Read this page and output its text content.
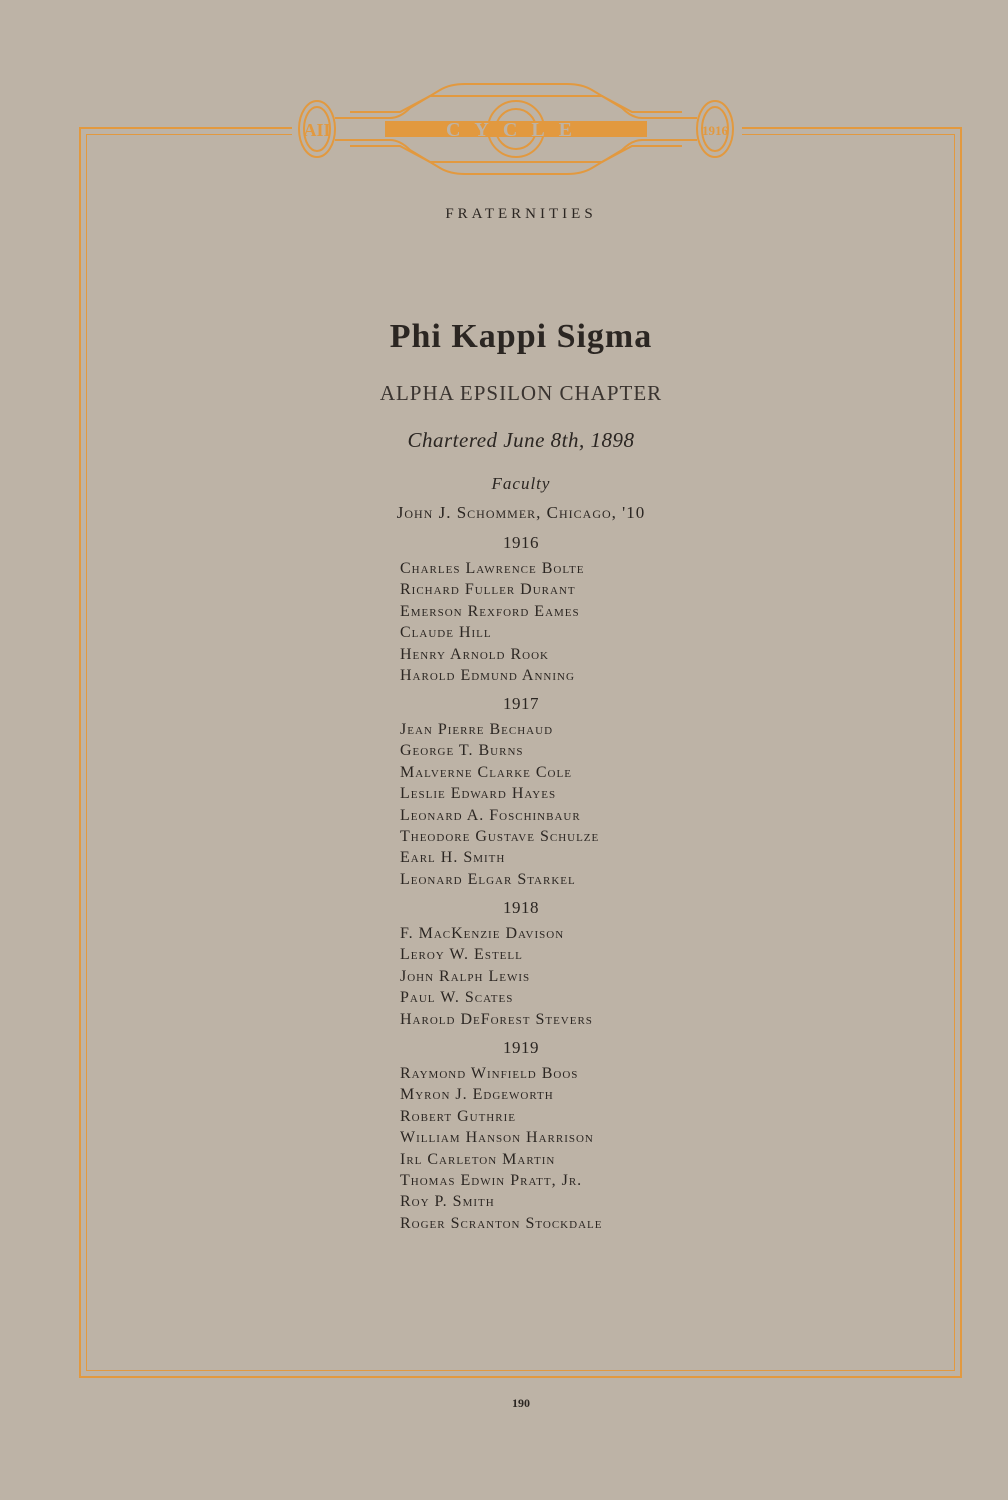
CYCLE
AII	1916
FRATERNITIES
Phi Kappi Sigma
ALPHA EPSILON CHAPTER
Chartered June 8th, 1898
Faculty
John J. Schommer, Chicago, '10
1916
Charles Lawrence Bolte
Richard Fuller Durant
Emerson Rexford Eames
Claude Hill
Henry Arnold Rook
Harold Edmund Anning
1917
Jean Pierre Bechaud
George T. Burns
Malverne Clarke Cole
Leslie Edward Hayes
Leonard A. Foschinbaur
Theodore Gustave Schulze
Earl H. Smith
Leonard Elgar Starkel
1918
F. MacKenzie Davison
Leroy W. Estell
John Ralph Lewis
Paul W. Scates
Harold DeForest Stevers
1919
Raymond Winfield Boos
Myron J. Edgeworth
Robert Guthrie
William Hanson Harrison
Irl Carleton Martin
Thomas Edwin Pratt, Jr.
Roy P. Smith
Roger Scranton Stockdale
190
